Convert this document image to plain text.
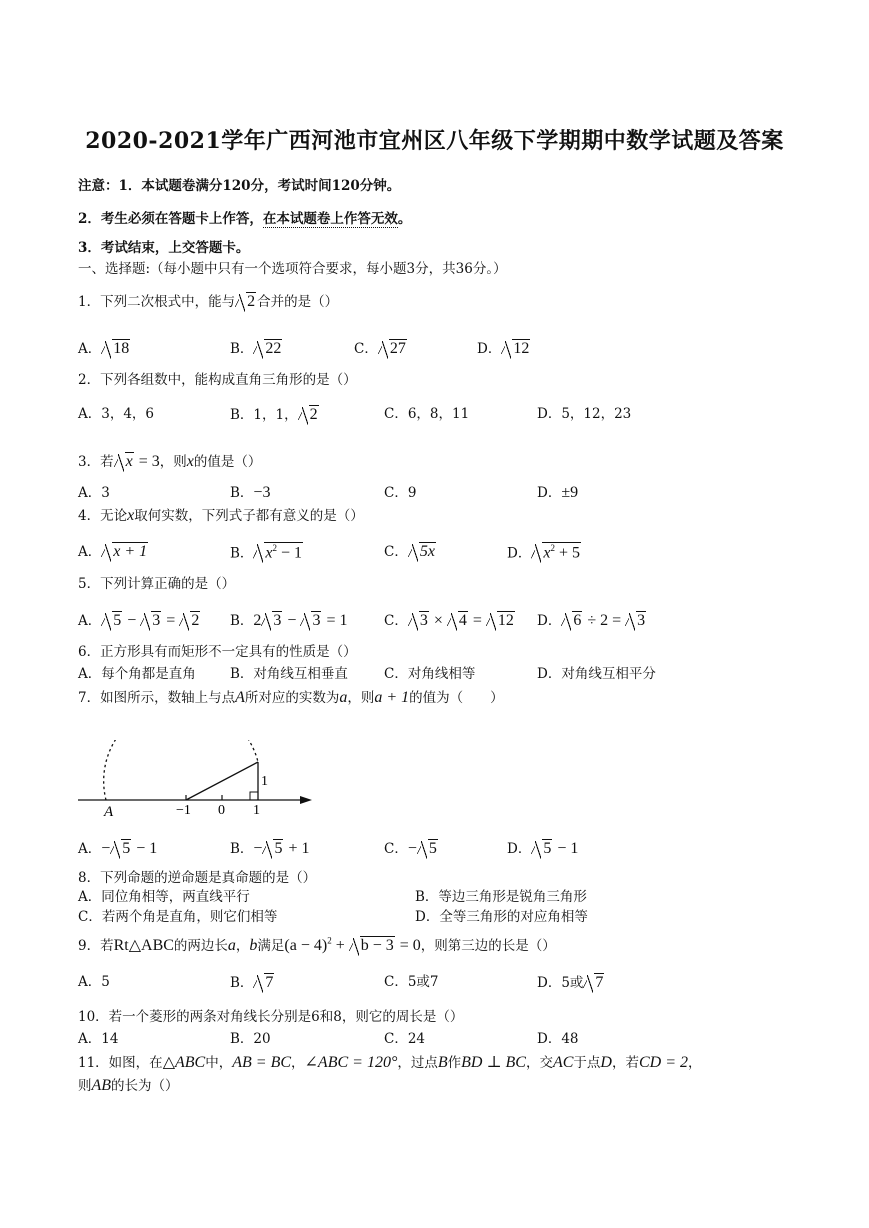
2020-2021学年广西河池市宜州区八年级下学期期中数学试题及答案
注意：1．本试题卷满分120分，考试时间120分钟。
2．考生必须在答题卡上作答，在本试题卷上作答无效。
3．考试结束，上交答题卡。
一、选择题:（每小题中只有一个选项符合要求，每小题3分，共36分。）
1．下列二次根式中，能与 2 合并的是（）
A． 18	B． 22	C． 27	D． 12
2．下列各组数中，能构成直角三角形的是（）
A．3，4，6	B．1，1， 2	C．6，8，11	D．5，12，23
3．若 x = 3，则x的值是（）
A．3	B．−3	C．9	D．±9
4．无论x取何实数，下列式子都有意义的是（）
A． x + 1	B． $x^2 - 1$	C． 5x	D． $x^2 + 5$
5．下列计算正确的是（）
A． 5 − 3 = 2 B．2 3 − 3 = 1	C． 3 × 4 = 12 D． 6 ÷ 2 = 3
6．正方形具有而矩形不一定具有的性质是（）
A．每个角都是直角	B．对角线互相垂直	C．对角线相等	D．对角线互相平分
7．如图所示，数轴上与点A所对应的实数为a，则a + 1的值为（　　）
A	−1 0 1
1
A．− 5 − 1	B．− 5 + 1	C．− 5	D． 5 − 1
8．下列命题的逆命题是真命题的是（）
A．同位角相等，两直线平行	B．等边三角形是锐角三角形
C．若两个角是直角，则它们相等	D．全等三角形的对应角相等
9．若Rt△ABC的两边长a，b满足$(a - 4)^2 + b - 3 = 0$，则第三边的长是（）
A．5	B． 7	C．5或7	D．5或 7
10．若一个菱形的两条对角线长分别是6和8，则它的周长是（）
A．14	B．20	C．24	D．48
11．如图，在△ABC中，AB = BC，∠ABC = 120°，过点B作BD ⊥ BC，交AC于点D，若CD = 2，
则AB的长为（）
